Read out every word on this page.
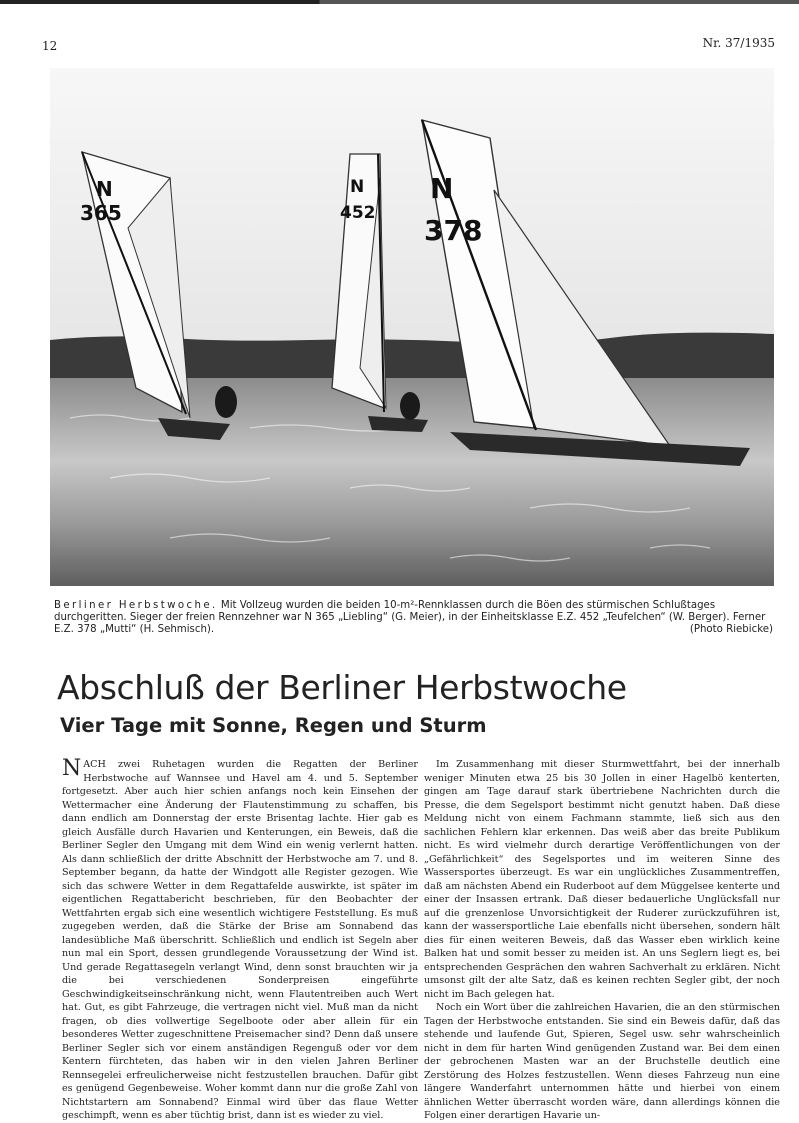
12	Nr. 37/1935
365
N
452
N
378
N
Berliner Herbstwoche. Mit Vollzeug wurden die beiden 10-m²-Rennklassen durch die Böen des stürmischen Schlußtages durchgeritten. Sieger der freien Rennzehner war N 365 „Liebling“ (G. Meier), in der Einheitsklasse E.Z. 452 „Teufelchen“ (W. Berger). Ferner E.Z. 378 „Mutti“ (H. Sehmisch).	(Photo Riebicke)
Abschluß der Berliner Herbstwoche
Vier Tage mit Sonne, Regen und Sturm

NACH zwei Ruhetagen wurden die Regatten der Berliner Herbstwoche auf Wannsee und Havel am 4. und 5. September fortgesetzt. Aber auch hier schien anfangs noch kein Einsehen der Wettermacher eine Änderung der Flautenstimmung zu schaffen, bis dann endlich am Donnerstag der erste Brisentag lachte. Hier gab es gleich Ausfälle durch Havarien und Kenterungen, ein Beweis, daß die Berliner Segler den Umgang mit dem Wind ein wenig verlernt hatten. Als dann schließlich der dritte Abschnitt der Herbstwoche am 7. und 8. September begann, da hatte der Windgott alle Register gezogen. Wie sich das schwere Wetter in dem Regattafelde auswirkte, ist später im eigentlichen Regattabericht beschrieben, für den Beobachter der Wettfahrten ergab sich eine wesentlich wichtigere Feststellung. Es muß zugegeben werden, daß die Stärke der Brise am Sonnabend das landesübliche Maß überschritt. Schließlich und endlich ist Segeln aber nun mal ein Sport, dessen grundlegende Voraussetzung der Wind ist. Und gerade Regattasegeln verlangt Wind, denn sonst brauchten wir ja die bei verschiedenen Sonderpreisen eingeführte Geschwindigkeitseinschränkung nicht, wenn Flautentreiben auch Wert hat. Gut, es gibt Fahrzeuge, die vertragen nicht viel. Muß man da nicht fragen, ob dies vollwertige Segelboote oder aber allein für ein besonderes Wetter zugeschnittene Preisemacher sind? Denn daß unsere Berliner Segler sich vor einem anständigen Regenguß oder vor dem Kentern fürchteten, das haben wir in den vielen Jahren Berliner Rennsegelei erfreulicherweise nicht festzustellen brauchen. Dafür gibt es genügend Gegenbeweise. Woher kommt dann nur die große Zahl von Nichtstartern am Sonnabend? Einmal wird über das flaue Wetter geschimpft, wenn es aber tüchtig brist, dann ist es wieder zu viel.

Im Zusammenhang mit dieser Sturmwettfahrt, bei der innerhalb weniger Minuten etwa 25 bis 30 Jollen in einer Hagelbö kenterten, gingen am Tage darauf stark übertriebene Nachrichten durch die Presse, die dem Segelsport bestimmt nicht genutzt haben. Daß diese Meldung nicht von einem Fachmann stammte, ließ sich aus den sachlichen Fehlern klar erkennen. Das weiß aber das breite Publikum nicht. Es wird vielmehr durch derartige Veröffentlichungen von der „Gefährlichkeit“ des Segelsportes und im weiteren Sinne des Wassersportes überzeugt. Es war ein unglückliches Zusammentreffen, daß am nächsten Abend ein Ruderboot auf dem Müggelsee kenterte und einer der Insassen ertrank. Daß dieser bedauerliche Unglücksfall nur auf die grenzenlose Unvorsichtigkeit der Ruderer zurückzuführen ist, kann der wassersportliche Laie ebenfalls nicht übersehen, sondern hält dies für einen weiteren Beweis, daß das Wasser eben wirklich keine Balken hat und somit besser zu meiden ist. An uns Seglern liegt es, bei entsprechenden Gesprächen den wahren Sachverhalt zu erklären. Nicht umsonst gilt der alte Satz, daß es keinen rechten Segler gibt, der noch nicht im Bach gelegen hat.

Noch ein Wort über die zahlreichen Havarien, die an den stürmischen Tagen der Herbstwoche entstanden. Sie sind ein Beweis dafür, daß das stehende und laufende Gut, Spieren, Segel usw. sehr wahrscheinlich nicht in dem für harten Wind genügenden Zustand war. Bei dem einen der gebrochenen Masten war an der Bruchstelle deutlich eine Zerstörung des Holzes festzustellen. Wenn dieses Fahrzeug nun eine längere Wanderfahrt unternommen hätte und hierbei von einem ähnlichen Wetter überrascht worden wäre, dann allerdings können die Folgen einer derartigen Havarie un-
